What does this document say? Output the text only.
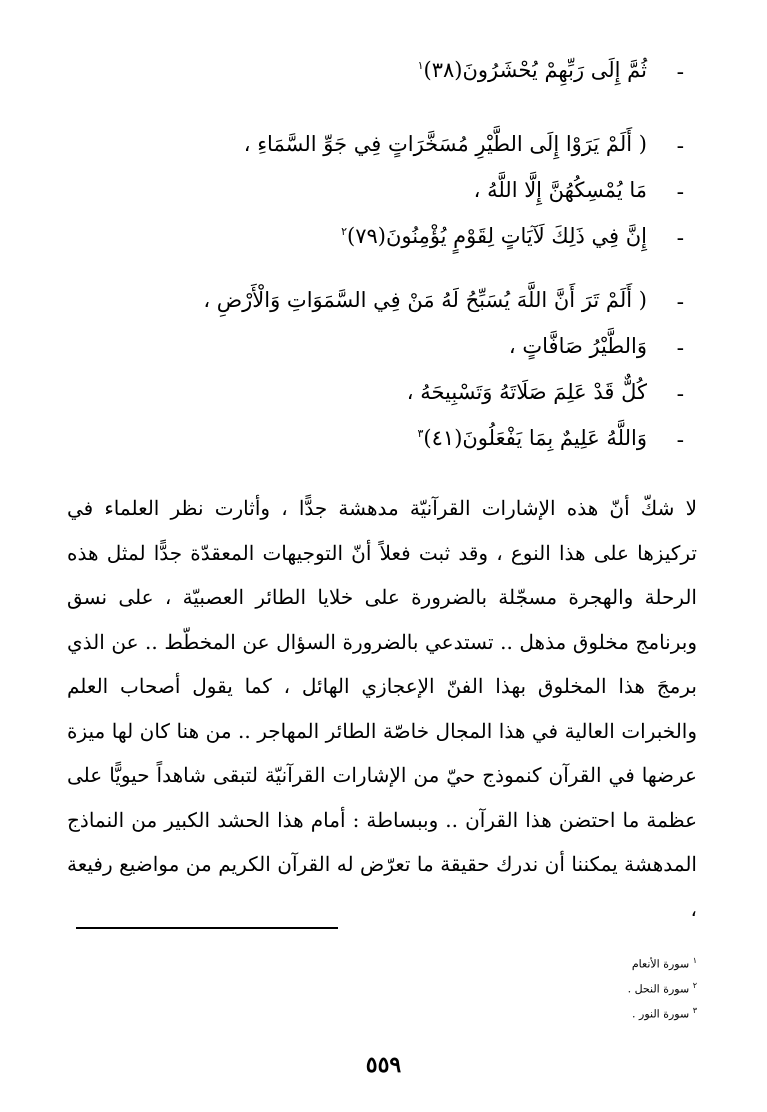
-
ثُمَّ إِلَى رَبِّهِمْ يُحْشَرُونَ(٣٨)$^١$
-
( أَلَمْ يَرَوْا إِلَى الطَّيْرِ مُسَخَّرَاتٍ فِي جَوِّ السَّمَاءِ ،
-
مَا يُمْسِكُهُنَّ إِلَّا اللَّهُ ،
-
إِنَّ فِي ذَلِكَ لَآيَاتٍ لِقَوْمٍ يُؤْمِنُونَ(٧٩)$^٢$
-
( أَلَمْ تَرَ أَنَّ اللَّهَ يُسَبِّحُ لَهُ مَنْ فِي السَّمَوَاتِ وَالْأَرْضِ ،
-
وَالطَّيْرُ صَافَّاتٍ ،
-
كُلٌّ قَدْ عَلِمَ صَلَاتَهُ وَتَسْبِيحَهُ ،
-
وَاللَّهُ عَلِيمٌ بِمَا يَفْعَلُونَ(٤١)$^٣$

لا شكّ أنّ هذه الإشارات القرآنيّة مدهشة جدًّا ، وأثارت نظر العلماء في تركيزها على هذا النوع ، وقد ثبت فعلاً أنّ التوجيهات المعقدّة جدًّا لمثل هذه الرحلة والهجرة مسجّلة بالضرورة على خلايا الطائر العصبيّة ، على نسق وبرنامج مخلوق مذهل .. تستدعي بالضرورة السؤال عن المخطّط .. عن الذي برمجَ هذا المخلوق بهذا الفنّ الإعجازي الهائل ، كما يقول أصحاب العلم والخبرات العالية في هذا المجال خاصّة الطائر المهاجر .. من هنا كان لها ميزة عرضها في القرآن كنموذج حيّ من الإشارات القرآنيّة لتبقى شاهداً حيويًّا على عظمة ما احتضن هذا القرآن .. وببساطة : أمام هذا الحشد الكبير من النماذج المدهشة يمكننا أن ندرك حقيقة ما تعرّض له القرآن الكريم من مواضيع رفيعة ،

$^١$ سورة الأنعام
$^٢$ سورة النحل .
$^٣$ سورة النور .
٥٥٩
